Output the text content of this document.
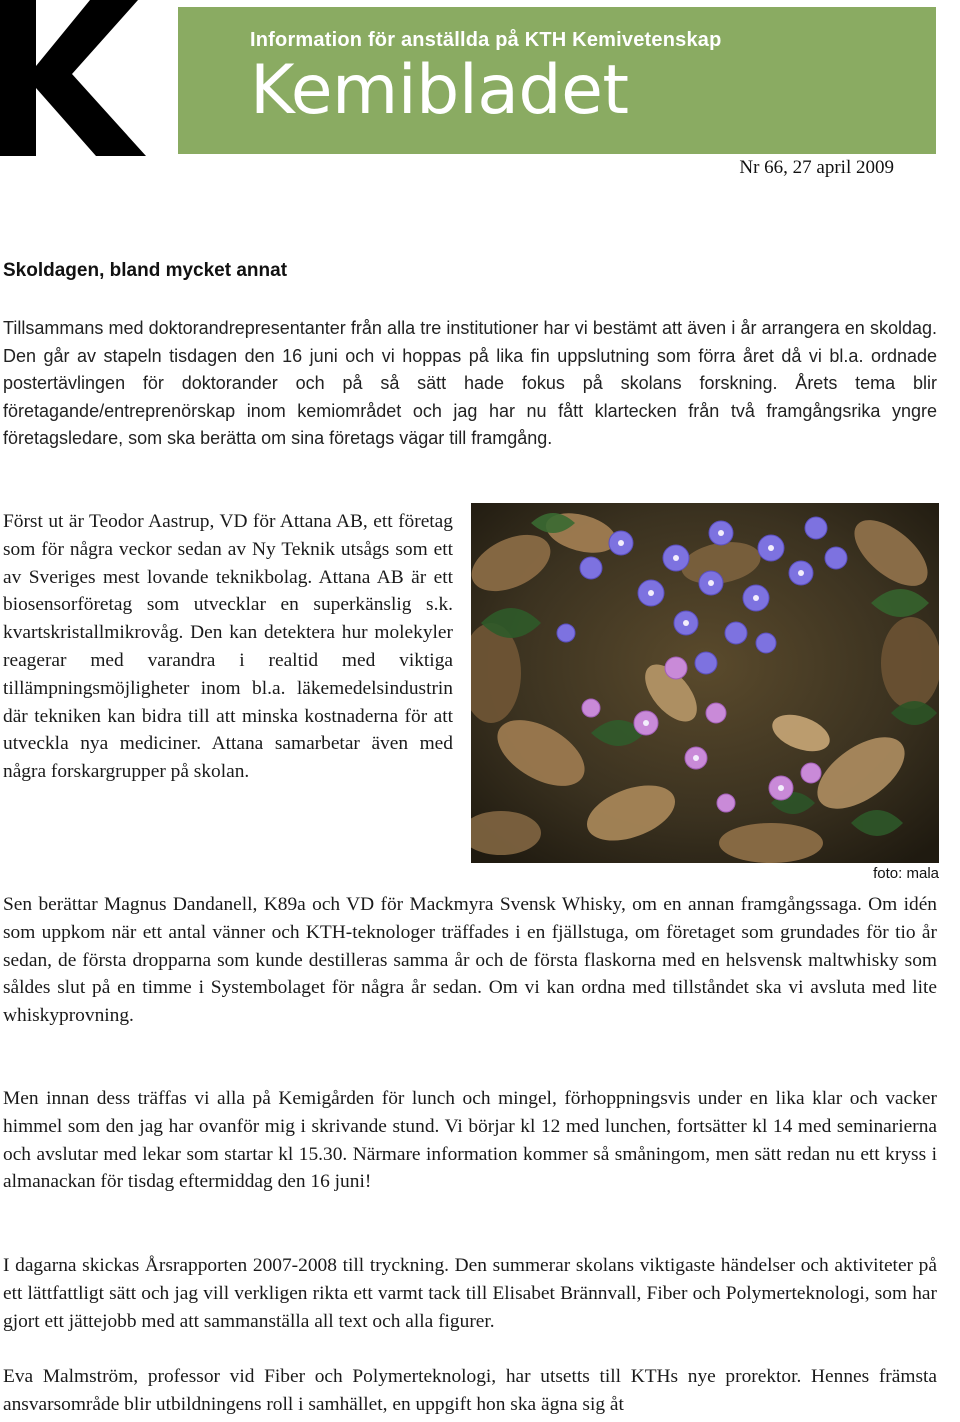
Information för anställda på KTH Kemivetenskap
Kemibladet
Nr 66, 27 april 2009
Skoldagen, bland mycket annat

Tillsammans med doktorandrepresentanter från alla tre institutioner har vi bestämt att även i år arrangera en skoldag. Den går av stapeln tisdagen den 16 juni och vi hoppas på lika fin uppslutning som förra året då vi bl.a. ordnade postertävlingen för doktorander och på så sätt hade fokus på skolans forskning. Årets tema blir företagande/entreprenörskap inom kemiområdet och jag har nu fått klartecken från två framgångsrika yngre företagsledare, som ska berätta om sina företags vägar till framgång.

Först ut är Teodor Aastrup, VD för Attana AB, ett företag som för några veckor sedan av Ny Teknik utsågs som ett av Sveriges mest lovande teknikbolag. Attana AB är ett biosensorföretag som utvecklar en superkänslig s.k. kvartskristallmikrovåg. Den kan detektera hur molekyler reagerar med varandra i realtid med viktiga tillämpningsmöjligheter inom bl.a. läkemedelsindustrin där tekniken kan bidra till att minska kostnaderna för att utveckla nya mediciner. Attana samarbetar även med några forskargrupper på skolan.

foto: mala

Sen berättar Magnus Dandanell, K89a och VD för Mackmyra Svensk Whisky, om en annan framgångssaga. Om idén som uppkom när ett antal vänner och KTH-teknologer träffades i en fjällstuga, om företaget som grundades för tio år sedan, de första dropparna som kunde destilleras samma år och de första flaskorna med en helsvensk maltwhisky som såldes slut på en timme i Systembolaget för några år sedan. Om vi kan ordna med tillståndet ska vi avsluta med lite whiskyprovning.

Men innan dess träffas vi alla på Kemigården för lunch och mingel, förhoppningsvis under en lika klar och vacker himmel som den jag har ovanför mig i skrivande stund. Vi börjar kl 12 med lunchen, fortsätter kl 14 med seminarierna och avslutar med lekar som startar kl 15.30. Närmare information kommer så småningom, men sätt redan nu ett kryss i almanackan för tisdag eftermiddag den 16 juni!

I dagarna skickas Årsrapporten 2007-2008 till tryckning. Den summerar skolans viktigaste händelser och aktiviteter på ett lättfattligt sätt och jag vill verkligen rikta ett varmt tack till Elisabet Brännvall, Fiber och Polymerteknologi, som har gjort ett jättejobb med att sammanställa all text och alla figurer.

Eva Malmström, professor vid Fiber och Polymerteknologi, har utsetts till KTHs nye prorektor. Hennes främsta ansvarsområde blir utbildningens roll i samhället, en uppgift hon ska ägna sig åt
